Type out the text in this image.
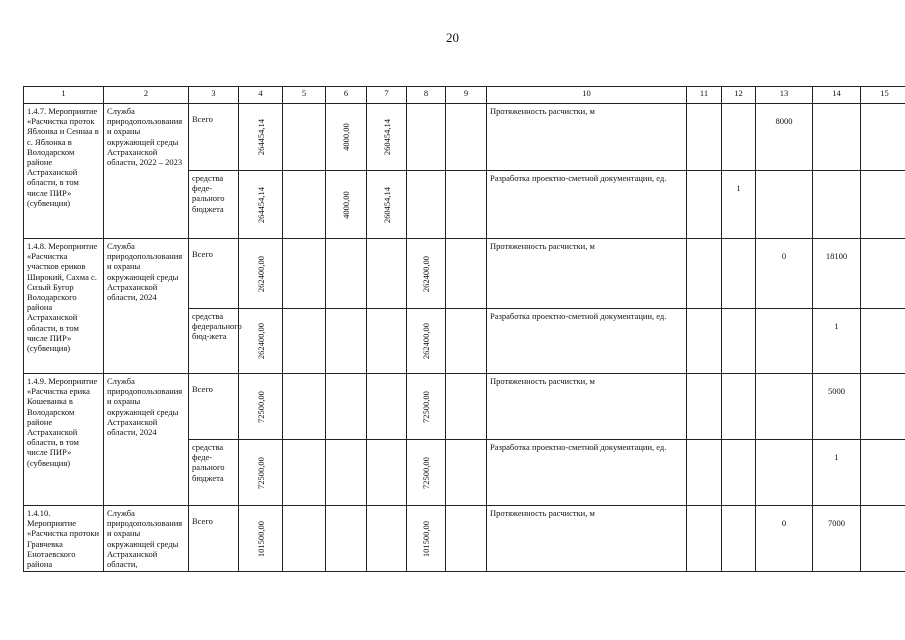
20
1	2	3	4	5	6	7	8	9	10	11	12	13	14	15
1.4.7. Мероприятие «Расчистка проток Яблонка и Сеннаа в с. Яблонка в Володарском районе Астраханской области, в том числе ПИР» (субвенция)	Служба природопользования и охраны окружающей среды Астраханской области, 2022 – 2023	Всего	264454,14		4000,00	260454,14			Протяженность расчистки, м			8000		
		средства феде-рального бюджета	264454,14		4000,00	260454,14			Разработка проектно-сметной документации, ед.		1			
1.4.8. Мероприятие «Расчистка участков ериков Широкий, Сахма с. Сизый Бугор Володарского района Астраханской области, в том числе ПИР» (субвенция)	Служба природопользования и охраны окружающей среды Астраханской области, 2024	Всего	262400,00				262400,00		Протяженность расчистки, м			0	18100	
		средства федерального бюд-жета	262400,00				262400,00		Разработка проектно-сметной документации, ед.				1	
1.4.9. Мероприятие «Расчистка ерика Кошеванка в Володарском районе Астраханской области, в том числе ПИР» (субвенция)	Служба природопользования и охраны окружающей среды Астраханской области, 2024	Всего	72500,00				72500,00		Протяженность расчистки, м				5000	
		средства феде-рального бюджета	72500,00				72500,00		Разработка проектно-сметной документации, ед.				1	
1.4.10. Мероприятие «Расчистка протоки Гравчевка Енотаевского района	Служба природопользования и охраны окружающей среды Астраханской области,	Всего	101500,00				101500,00		Протяженность расчистки, м			0	7000	
